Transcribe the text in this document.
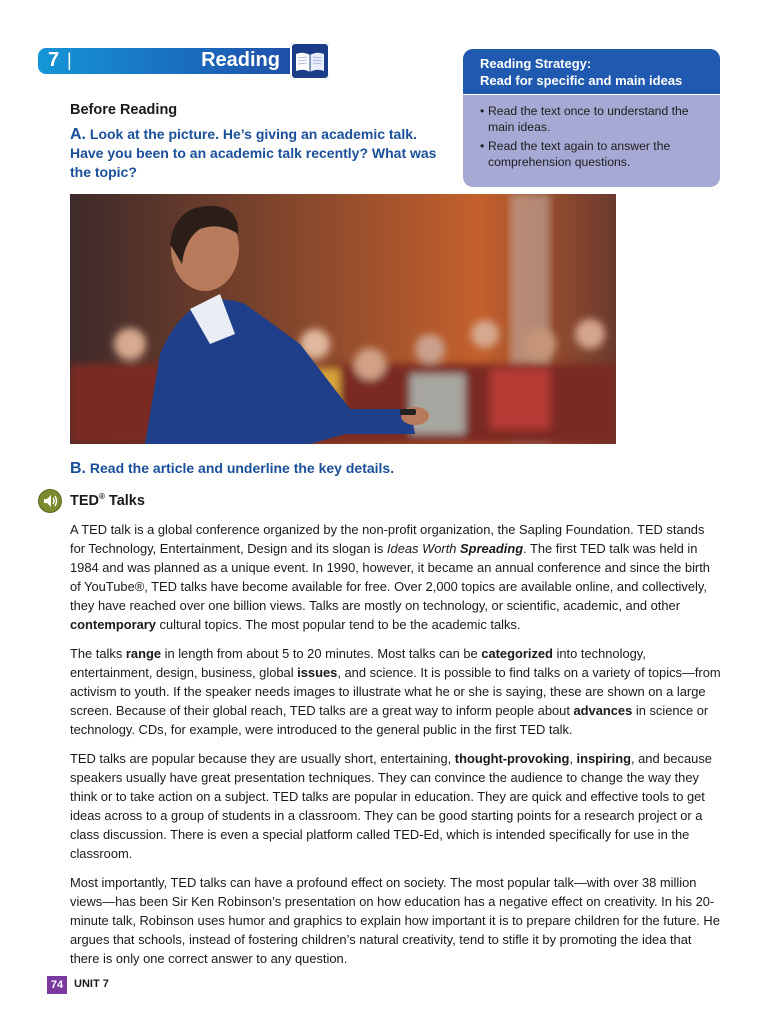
7 |	Reading	Reading Strategy:
Read for specific and main ideas
• Read the text once to understand the main ideas.
• Read the text again to answer the comprehension questions.
Before Reading
A. Look at the picture. He’s giving an academic talk. Have you been to an academic talk recently? What was the topic?
B. Read the article and underline the key details.
TED® Talks

A TED talk is a global conference organized by the non-profit organization, the Sapling Foundation. TED stands for Technology, Entertainment, Design and its slogan is Ideas Worth Spreading. The first TED talk was held in 1984 and was planned as a unique event. In 1990, however, it became an annual conference and since the birth of YouTube®, TED talks have become available for free. Over 2,000 topics are available online, and collectively, they have reached over one billion views. Talks are mostly on technology, or scientific, academic, and other contemporary cultural topics. The most popular tend to be the academic talks.

The talks range in length from about 5 to 20 minutes. Most talks can be categorized into technology, entertainment, design, business, global issues, and science. It is possible to find talks on a variety of topics—from activism to youth. If the speaker needs images to illustrate what he or she is saying, these are shown on a large screen. Because of their global reach, TED talks are a great way to inform people about advances in science or technology. CDs, for example, were introduced to the general public in the first TED talk.

TED talks are popular because they are usually short, entertaining, thought-provoking, inspiring, and because speakers usually have great presentation techniques. They can convince the audience to change the way they think or to take action on a subject. TED talks are popular in education. They are quick and effective tools to get ideas across to a group of students in a classroom. They can be good starting points for a research project or a class discussion. There is even a special platform called TED-Ed, which is intended specifically for use in the classroom.

Most importantly, TED talks can have a profound effect on society. The most popular talk—with over 38 million views—has been Sir Ken Robinson’s presentation on how education has a negative effect on creativity. In his 20-minute talk, Robinson uses humor and graphics to explain how important it is to prepare children for the future. He argues that schools, instead of fostering children’s natural creativity, tend to stifle it by promoting the idea that there is only one correct answer to any question.

74 UNIT 7
